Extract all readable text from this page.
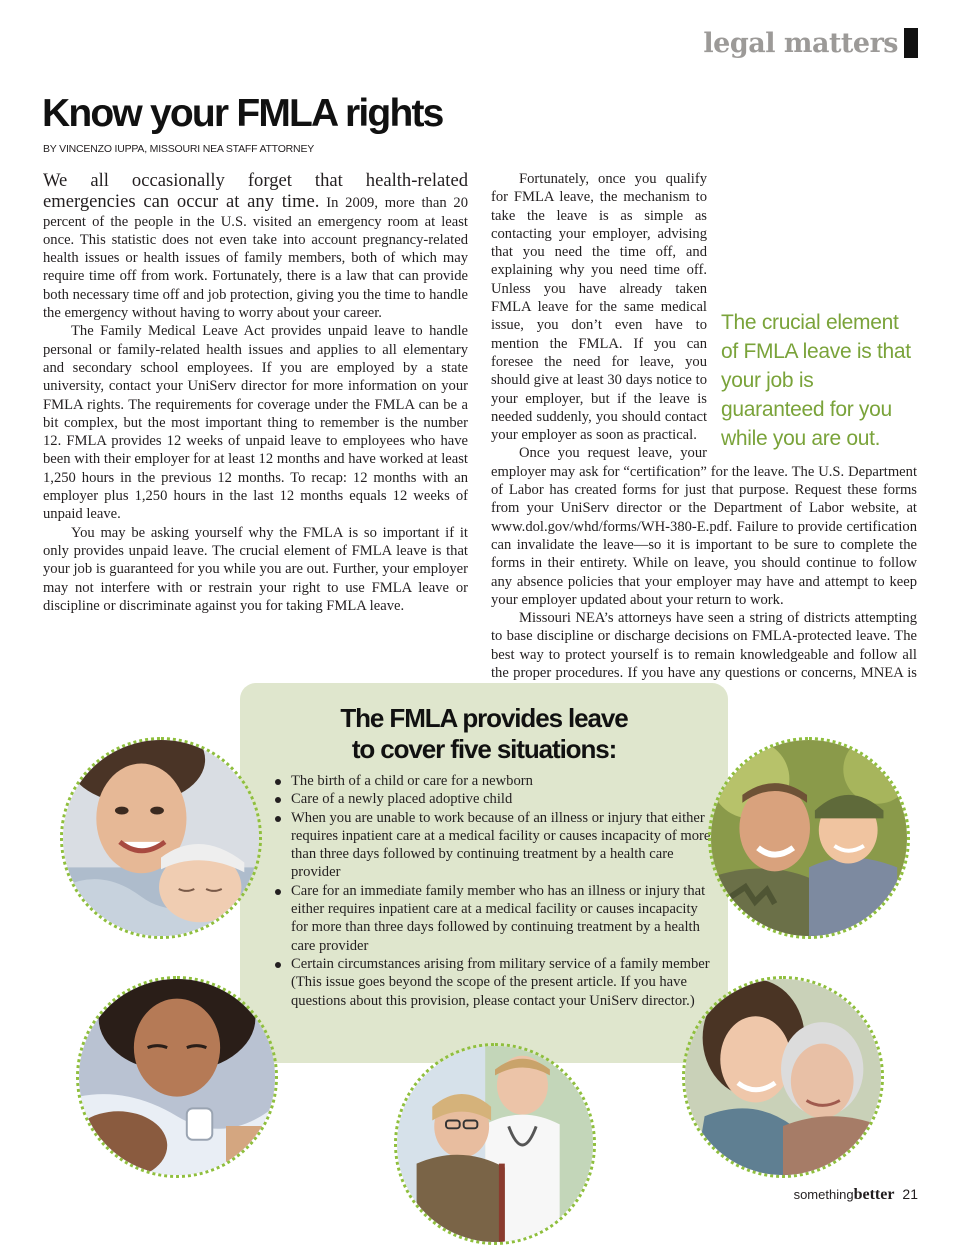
legal matters
Know your FMLA rights
BY VINCENZO IUPPA, MISSOURI NEA STAFF ATTORNEY

We all occasionally forget that health-related emergencies can occur at any time. In 2009, more than 20 percent of the people in the U.S. visited an emergency room at least once. This statistic does not even take into account pregnancy-related health issues or health issues of family members, both of which may require time off from work. Fortunately, there is a law that can provide both necessary time off and job protection, giving you the time to handle the emergency without having to worry about your career.

The Family Medical Leave Act provides unpaid leave to handle personal or family-related health issues and applies to all elementary and secondary school employees. If you are employed by a state university, contact your UniServ director for more information on your FMLA rights. The requirements for coverage under the FMLA can be a bit complex, but the most important thing to remember is the number 12. FMLA provides 12 weeks of unpaid leave to employees who have been with their employer for at least 12 months and have worked at least 1,250 hours in the previous 12 months. To recap: 12 months with an employer plus 1,250 hours in the last 12 months equals 12 weeks of unpaid leave.

You may be asking yourself why the FMLA is so important if it only provides unpaid leave. The crucial element of FMLA leave is that your job is guaranteed for you while you are out. Further, your employer may not interfere with or restrain your right to use FMLA leave or discipline or discriminate against you for taking FMLA leave.

The crucial element of FMLA leave is that your job is guaranteed for you while you are out.

Fortunately, once you qualify for FMLA leave, the mechanism to take the leave is as simple as contacting your employer, advising that you need the time off, and explaining why you need time off. Unless you have already taken FMLA leave for the same medical issue, you don’t even have to mention the FMLA. If you can foresee the need for leave, you should give at least 30 days notice to your employer, but if the leave is needed suddenly, you should contact your employer as soon as practical.

Once you request leave, your employer may ask for “certification” for the leave. The U.S. Department of Labor has created forms for just that purpose. Request these forms from your UniServ director or the Department of Labor website, at www.dol.gov/whd/forms/WH-380-E.pdf. Failure to provide certification can invalidate the leave—so it is important to be sure to complete the forms in their entirety. While on leave, you should continue to follow any absence policies that your employer may have and attempt to keep your employer updated about your return to work.

Missouri NEA’s attorneys have seen a string of districts attempting to base discipline or discharge decisions on FMLA-protected leave. The best way to protect yourself is to remain knowledgeable and follow all the proper procedures. If you have any questions or concerns, MNEA is

The FMLA provides leave
to cover five situations:
The birth of a child or care for a newborn
Care of a newly placed adoptive child
When you are unable to work because of an illness or injury that either requires inpatient care at a medical facility or causes incapacity of more than three days followed by continuing treatment by a health care provider
Care for an immediate family member who has an illness or injury that either requires inpatient care at a medical facility or causes incapacity for more than three days followed by continuing treatment by a health care provider
Certain circumstances arising from military service of a family member (This issue goes beyond the scope of the present article. If you have questions about this provision, please contact your UniServ director.)
somethingbetter 21
